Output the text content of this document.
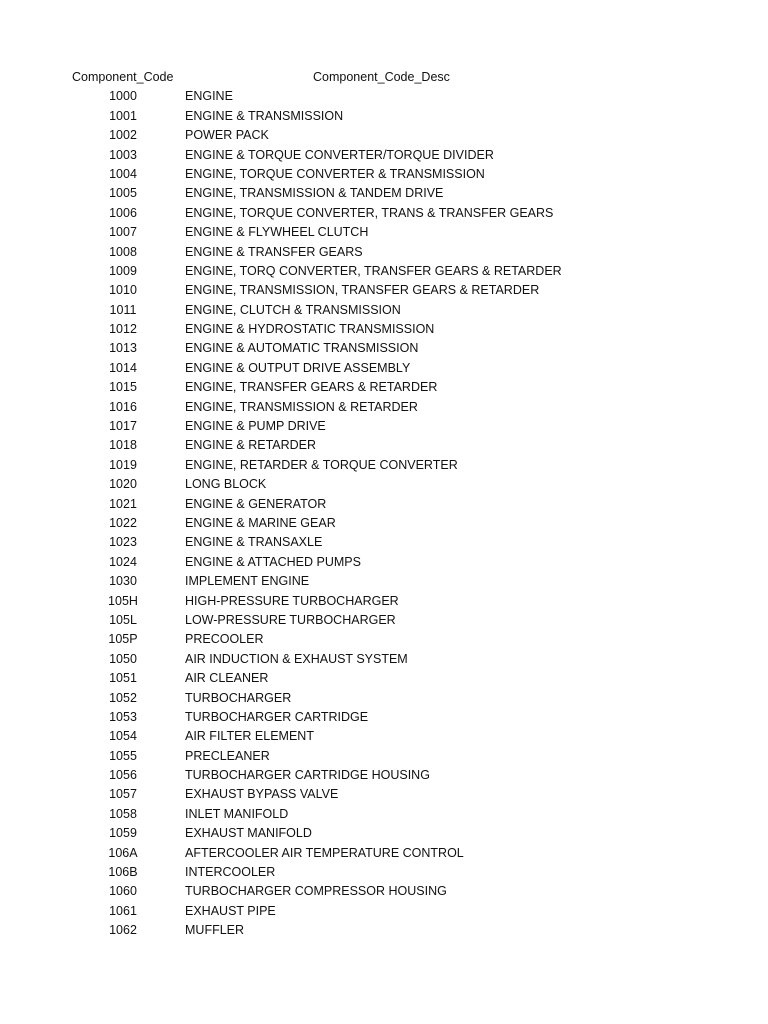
Component_Code	Component_Code_Desc
1000	ENGINE
1001	ENGINE & TRANSMISSION
1002	POWER PACK
1003	ENGINE & TORQUE CONVERTER/TORQUE DIVIDER
1004	ENGINE, TORQUE CONVERTER & TRANSMISSION
1005	ENGINE, TRANSMISSION & TANDEM DRIVE
1006	ENGINE, TORQUE CONVERTER, TRANS & TRANSFER GEARS
1007	ENGINE & FLYWHEEL CLUTCH
1008	ENGINE & TRANSFER GEARS
1009	ENGINE, TORQ CONVERTER, TRANSFER GEARS & RETARDER
1010	ENGINE, TRANSMISSION, TRANSFER GEARS & RETARDER
1011	ENGINE, CLUTCH & TRANSMISSION
1012	ENGINE & HYDROSTATIC TRANSMISSION
1013	ENGINE & AUTOMATIC TRANSMISSION
1014	ENGINE & OUTPUT DRIVE ASSEMBLY
1015	ENGINE, TRANSFER GEARS & RETARDER
1016	ENGINE, TRANSMISSION & RETARDER
1017	ENGINE & PUMP DRIVE
1018	ENGINE & RETARDER
1019	ENGINE, RETARDER & TORQUE CONVERTER
1020	LONG BLOCK
1021	ENGINE & GENERATOR
1022	ENGINE & MARINE GEAR
1023	ENGINE & TRANSAXLE
1024	ENGINE & ATTACHED PUMPS
1030	IMPLEMENT ENGINE
105H	HIGH-PRESSURE TURBOCHARGER
105L	LOW-PRESSURE TURBOCHARGER
105P	PRECOOLER
1050	AIR INDUCTION & EXHAUST SYSTEM
1051	AIR CLEANER
1052	TURBOCHARGER
1053	TURBOCHARGER CARTRIDGE
1054	AIR FILTER ELEMENT
1055	PRECLEANER
1056	TURBOCHARGER CARTRIDGE HOUSING
1057	EXHAUST BYPASS VALVE
1058	INLET MANIFOLD
1059	EXHAUST MANIFOLD
106A	AFTERCOOLER AIR TEMPERATURE CONTROL
106B	INTERCOOLER
1060	TURBOCHARGER COMPRESSOR HOUSING
1061	EXHAUST PIPE
1062	MUFFLER
